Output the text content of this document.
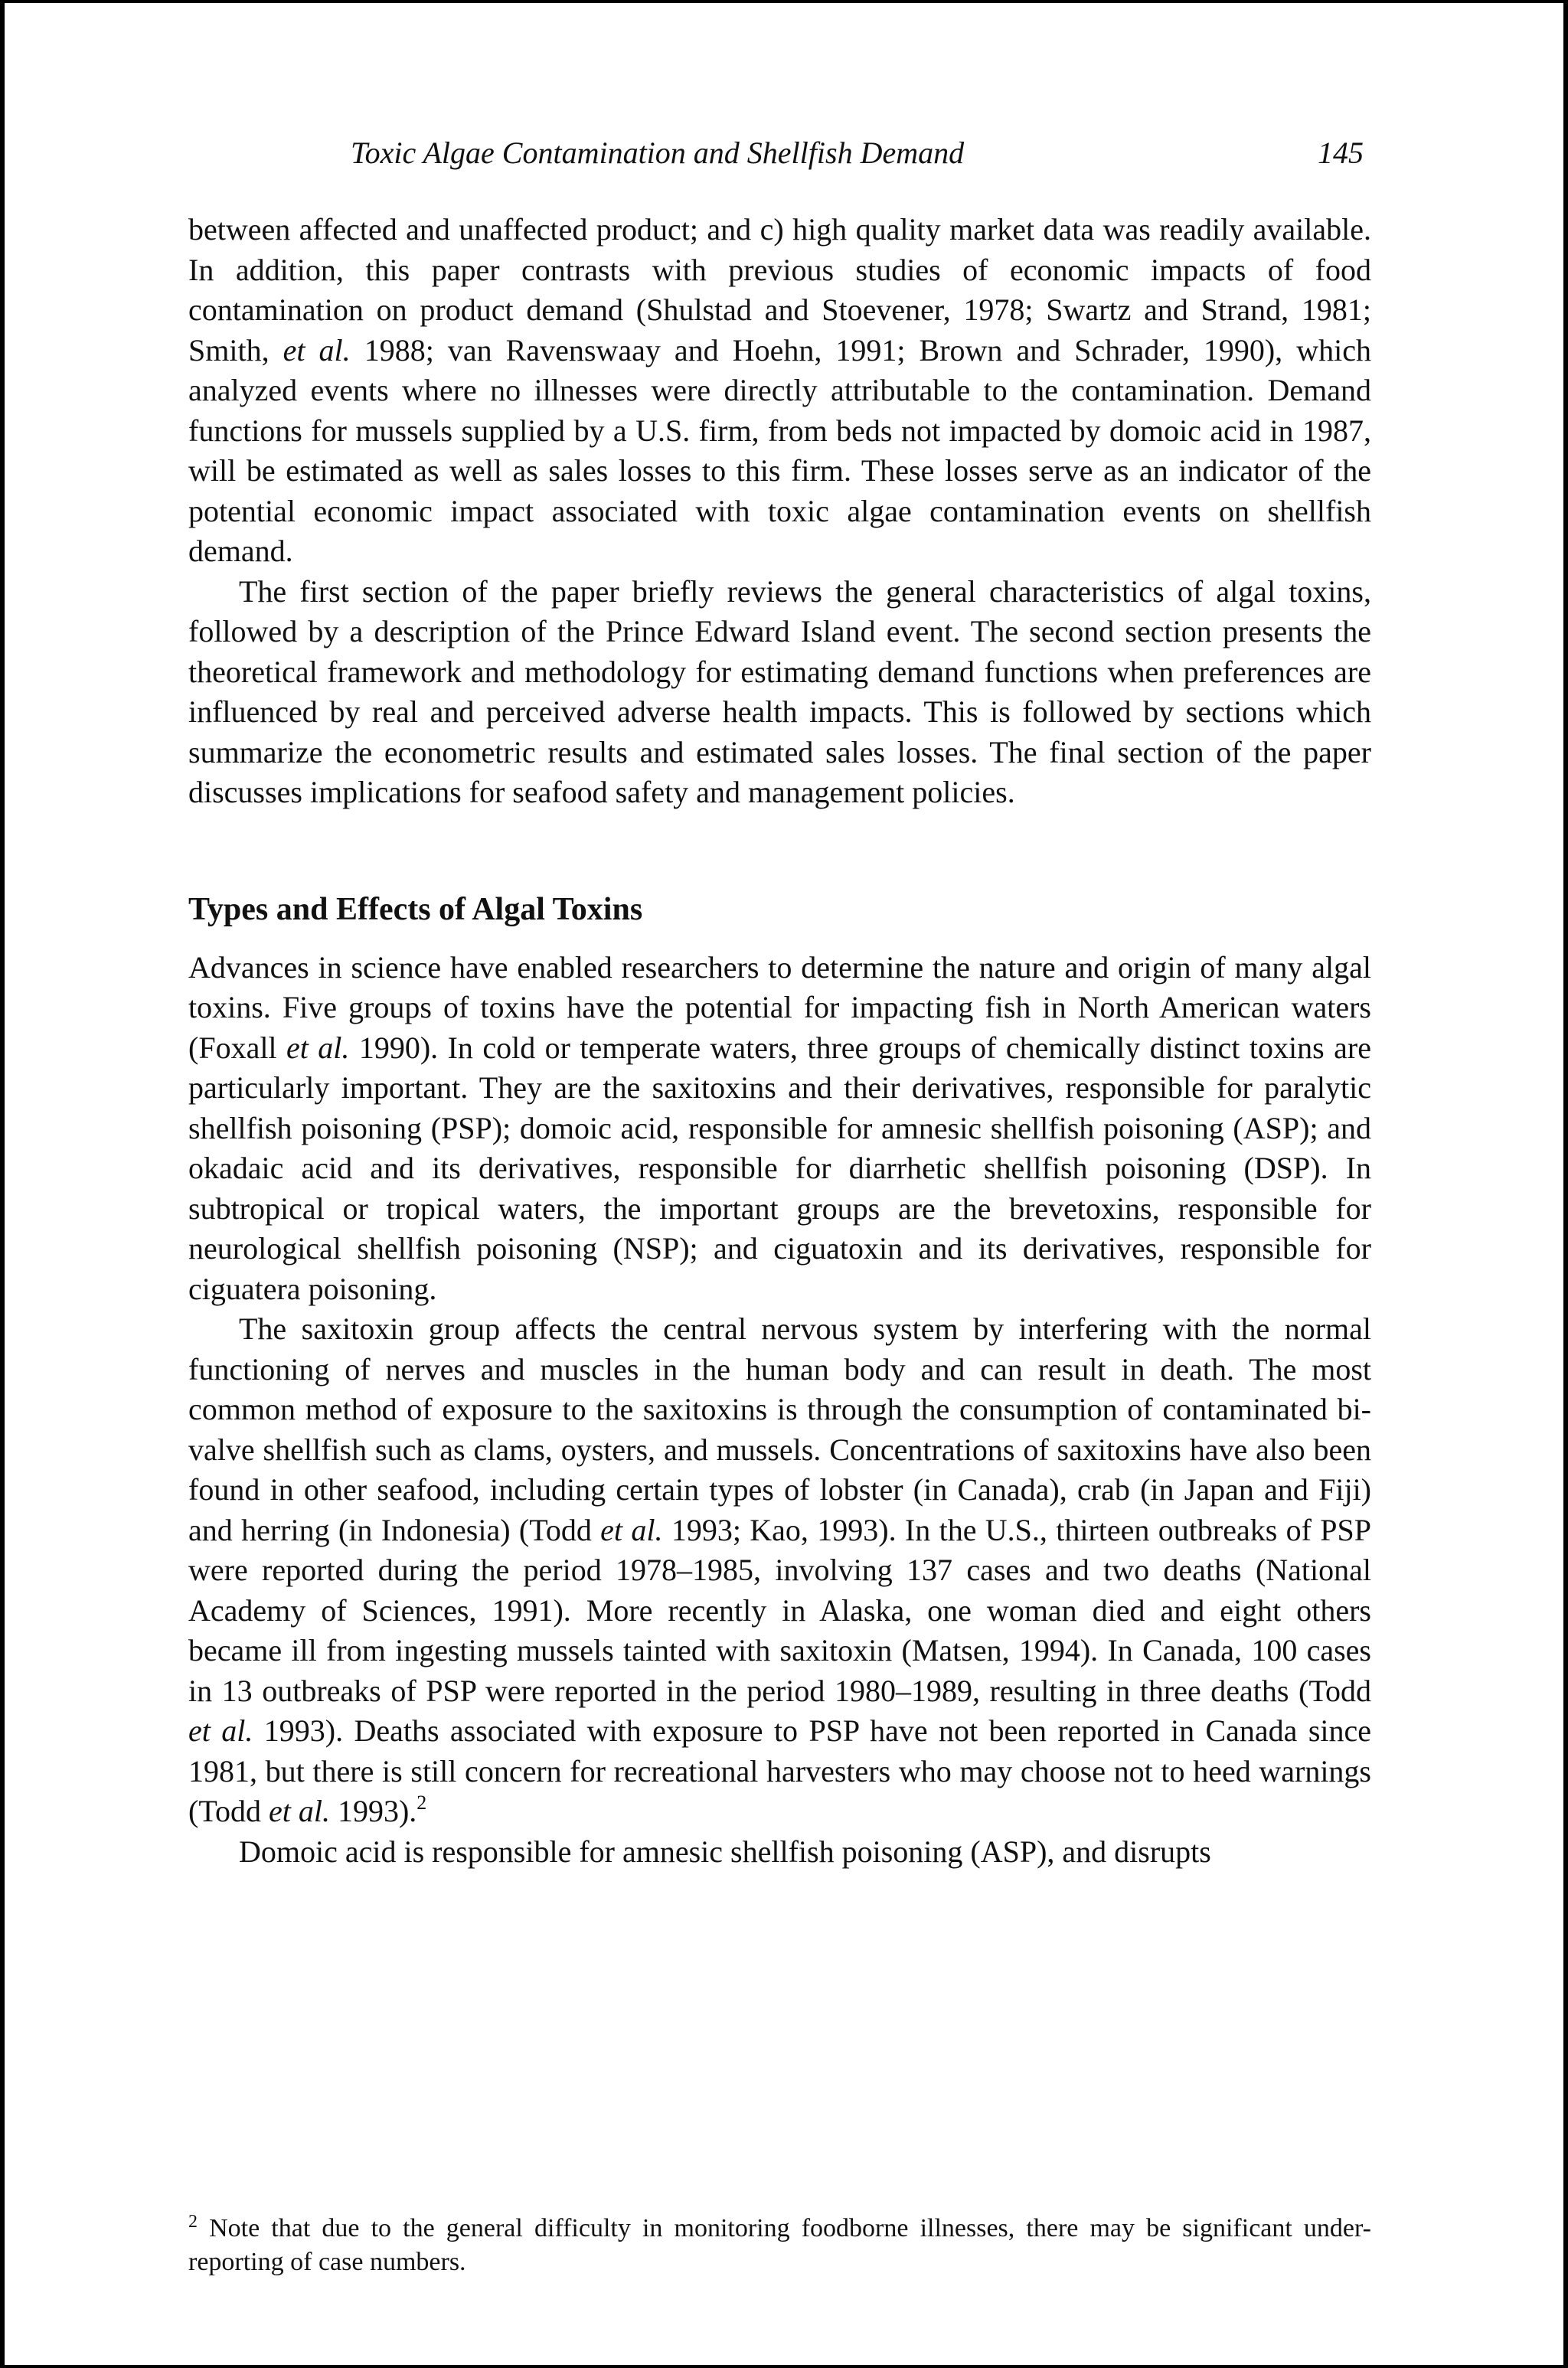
Toxic Algae Contamination and Shellfish Demand	145

between affected and unaffected product; and c) high quality market data was readily available. In addition, this paper contrasts with previous studies of economic impacts of food contamination on product demand (Shulstad and Stoevener, 1978; Swartz and Strand, 1981; Smith, et al. 1988; van Ravenswaay and Hoehn, 1991; Brown and Schrader, 1990), which analyzed events where no illnesses were directly attributable to the contamination. Demand functions for mussels supplied by a U.S. firm, from beds not impacted by domoic acid in 1987, will be estimated as well as sales losses to this firm. These losses serve as an indicator of the potential economic impact associated with toxic algae contamination events on shellfish demand.

The first section of the paper briefly reviews the general characteristics of algal toxins, followed by a description of the Prince Edward Island event. The second section presents the theoretical framework and methodology for estimating demand functions when preferences are influenced by real and perceived adverse health impacts. This is followed by sections which summarize the econometric results and estimated sales losses. The final section of the paper discusses implications for seafood safety and management policies.

Types and Effects of Algal Toxins

Advances in science have enabled researchers to determine the nature and origin of many algal toxins. Five groups of toxins have the potential for impacting fish in North American waters (Foxall et al. 1990). In cold or temperate waters, three groups of chemically distinct toxins are particularly important. They are the saxitoxins and their derivatives, responsible for paralytic shellfish poisoning (PSP); domoic acid, responsible for amnesic shellfish poisoning (ASP); and okadaic acid and its derivatives, responsible for diarrhetic shellfish poisoning (DSP). In subtropical or tropical waters, the important groups are the brevetoxins, responsible for neurological shellfish poisoning (NSP); and ciguatoxin and its derivatives, responsible for ciguatera poisoning.

The saxitoxin group affects the central nervous system by interfering with the normal functioning of nerves and muscles in the human body and can result in death. The most common method of exposure to the saxitoxins is through the consumption of contaminated bi-valve shellfish such as clams, oysters, and mussels. Concentrations of saxitoxins have also been found in other seafood, including certain types of lobster (in Canada), crab (in Japan and Fiji) and herring (in Indonesia) (Todd et al. 1993; Kao, 1993). In the U.S., thirteen outbreaks of PSP were reported during the period 1978–1985, involving 137 cases and two deaths (National Academy of Sciences, 1991). More recently in Alaska, one woman died and eight others became ill from ingesting mussels tainted with saxitoxin (Matsen, 1994). In Canada, 100 cases in 13 outbreaks of PSP were reported in the period 1980–1989, resulting in three deaths (Todd et al. 1993). Deaths associated with exposure to PSP have not been reported in Canada since 1981, but there is still concern for recreational harvesters who may choose not to heed warnings (Todd et al. 1993).$^2$

Domoic acid is responsible for amnesic shellfish poisoning (ASP), and disrupts

$^2$ Note that due to the general difficulty in monitoring foodborne illnesses, there may be significant under-reporting of case numbers.
